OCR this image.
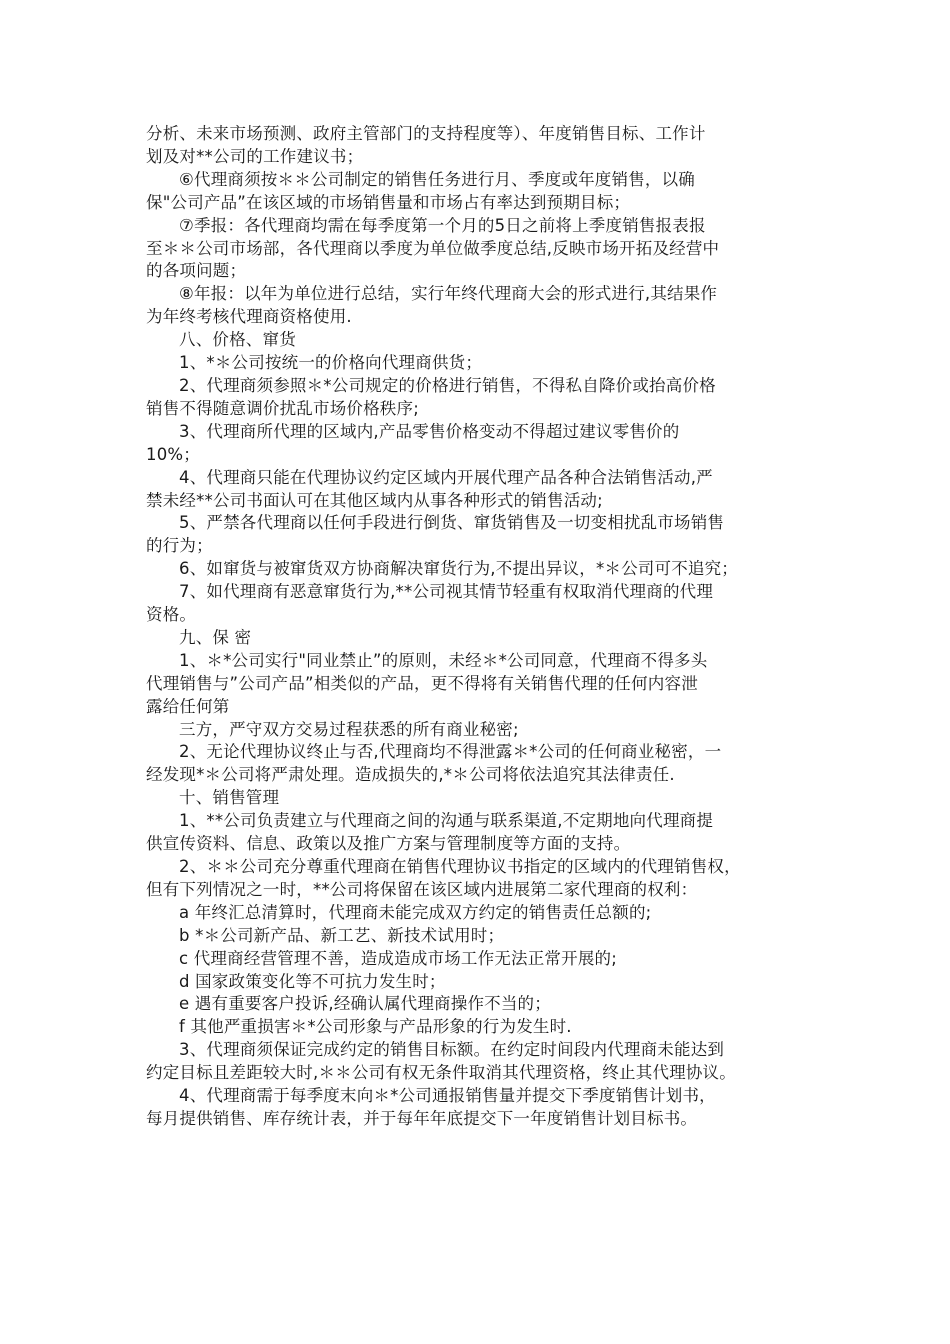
分析、未来市场预测、政府主管部门的支持程度等）、年度销售目标、工作计
划及对**公司的工作建议书；
⑥代理商须按＊＊公司制定的销售任务进行月、季度或年度销售，以确
保"公司产品”在该区域的市场销售量和市场占有率达到预期目标；
⑦季报：各代理商均需在每季度第一个月的5日之前将上季度销售报表报
至＊＊公司市场部，各代理商以季度为单位做季度总结,反映市场开拓及经营中
的各项问题；
⑧年报：以年为单位进行总结，实行年终代理商大会的形式进行,其结果作
为年终考核代理商资格使用.
八、价格、窜货
1、*＊公司按统一的价格向代理商供货；
2、代理商须参照＊*公司规定的价格进行销售，不得私自降价或抬高价格
销售不得随意调价扰乱市场价格秩序;
3、代理商所代理的区域内,产品零售价格变动不得超过建议零售价的
10%；
4、代理商只能在代理协议约定区域内开展代理产品各种合法销售活动,严
禁未经**公司书面认可在其他区域内从事各种形式的销售活动;
5、严禁各代理商以任何手段进行倒货、窜货销售及一切变相扰乱市场销售
的行为；
6、如窜货与被窜货双方协商解决窜货行为,不提出异议，*＊公司可不追究；
7、如代理商有恶意窜货行为,**公司视其情节轻重有权取消代理商的代理
资格。
九、保 密
1、＊*公司实行"同业禁止”的原则，未经＊*公司同意，代理商不得多头
代理销售与”公司产品”相类似的产品，更不得将有关销售代理的任何内容泄
露给任何第
三方，严守双方交易过程获悉的所有商业秘密;
2、无论代理协议终止与否,代理商均不得泄露＊*公司的任何商业秘密，一
经发现*＊公司将严肃处理。造成损失的,*＊公司将依法追究其法律责任.
十、销售管理
1、**公司负责建立与代理商之间的沟通与联系渠道,不定期地向代理商提
供宣传资料、信息、政策以及推广方案与管理制度等方面的支持。
2、＊＊公司充分尊重代理商在销售代理协议书指定的区域内的代理销售权，
但有下列情况之一时，**公司将保留在该区域内进展第二家代理商的权利：
a 年终汇总清算时，代理商未能完成双方约定的销售责任总额的;
b *＊公司新产品、新工艺、新技术试用时；
c 代理商经营管理不善，造成造成市场工作无法正常开展的;
d 国家政策变化等不可抗力发生时；
e 遇有重要客户投诉,经确认属代理商操作不当的；
f 其他严重损害＊*公司形象与产品形象的行为发生时.
3、代理商须保证完成约定的销售目标额。在约定时间段内代理商未能达到
约定目标且差距较大时,＊＊公司有权无条件取消其代理资格，终止其代理协议。
4、代理商需于每季度末向＊*公司通报销售量并提交下季度销售计划书，
每月提供销售、库存统计表，并于每年年底提交下一年度销售计划目标书。
